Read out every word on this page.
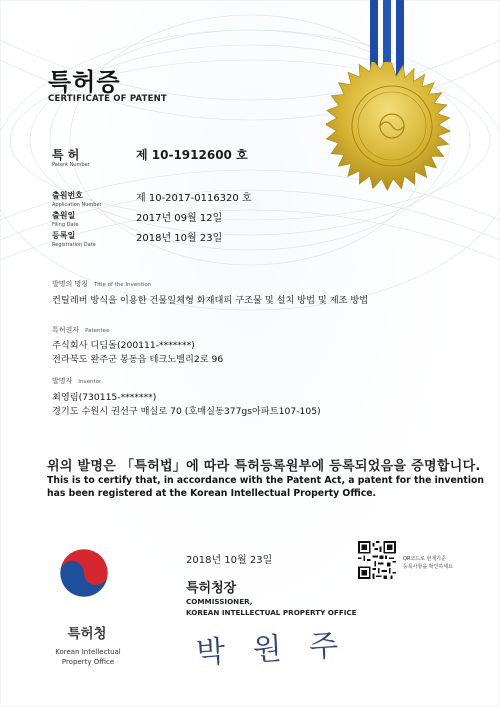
특허증
CERTIFICATE OF PATENT
특 허
Patent Number
제 10-1912600 호
출원번호
Application Number
제 10-2017-0116320 호
출원일
Filing Date
2017년 09월 12일
등록일
Registration Date
2018년 10월 23일
발명의 명칭 Title of the Invention
컨틸레버 방식을 이용한 건물일체형 화재대피 구조물 및 설치 방법 및 제조 방법
특허권자 Patentee
주식회사 디딤돌(200111-*******)
전라북도 완주군 봉동읍 테크노밸리2로 96
발명자 Inventor
최영림(730115-*******)
경기도 수원시 권선구 매실로 70 (호매실동377gs아파트107-105)
위의 발명은 「특허법」에 따라 특허등록원부에 등록되었음을 증명합니다.
This is to certify that, in accordance with the Patent Act, a patent for the invention
has been registered at the Korean Intellectual Property Office.
특허청
Korean Intellectual
Property Office
2018년 10월 23일
특허청장
COMMISSIONER,
KOREAN INTELLECTUAL PROPERTY OFFICE
박 원 주
QR코드로 현재기준
등록사항을 확인하세요
